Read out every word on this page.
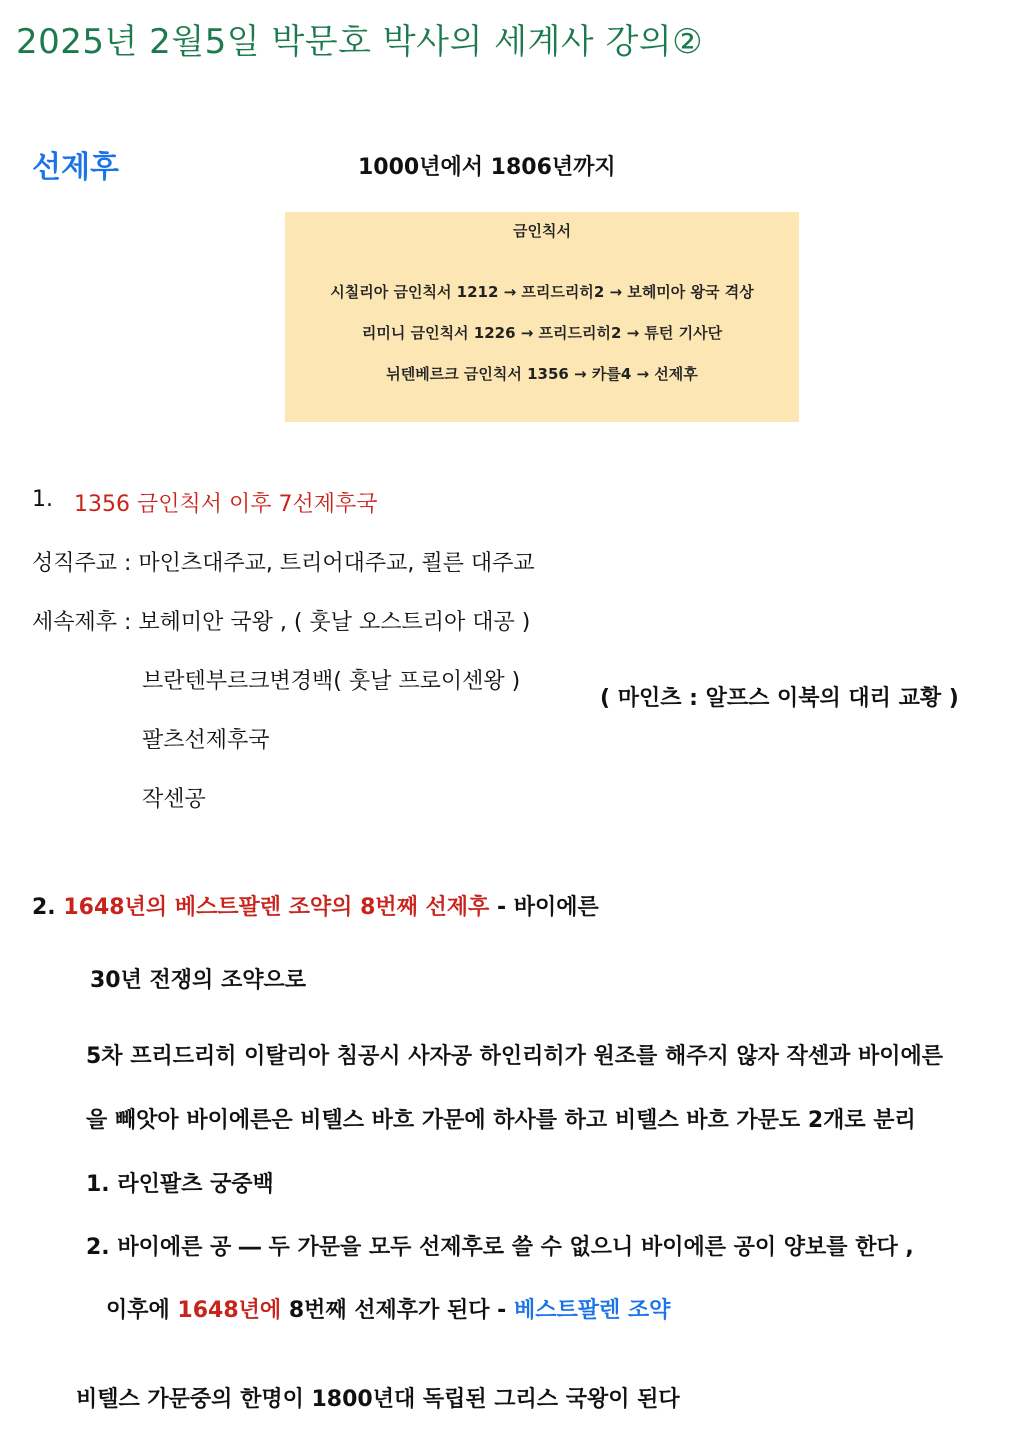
2025년 2월5일 박문호 박사의 세계사 강의②
선제후	1000년에서 1806년까지
금인칙서
시칠리아 금인칙서 1212 → 프리드리히2 → 보헤미아 왕국 격상
리미니 금인칙서 1226 → 프리드리히2 → 튜턴 기사단
뉘텐베르크 금인칙서 1356 → 카를4 → 선제후
1. 1356 금인칙서 이후 7선제후국
성직주교 : 마인츠대주교, 트리어대주교, 쾰른 대주교
세속제후 : 보헤미안 국왕 , ( 훗날 오스트리아 대공 )
브란텐부르크변경백( 훗날 프로이센왕 )
팔츠선제후국
작센공
( 마인츠 : 알프스 이북의 대리 교황 )
2. 1648년의 베스트팔렌 조약의 8번째 선제후 - 바이에른
30년 전쟁의 조약으로
5차 프리드리히 이탈리아 침공시 사자공 하인리히가 원조를 해주지 않자 작센과 바이에른
을 빼앗아 바이에른은 비텔스 바흐 가문에 하사를 하고 비텔스 바흐 가문도 2개로 분리
1. 라인팔츠 궁중백
2. 바이에른 공 ― 두 가문을 모두 선제후로 쓸 수 없으니 바이에른 공이 양보를 한다 ,
이후에 1648년에 8번째 선제후가 된다 - 베스트팔렌 조약
비텔스 가문중의 한명이 1800년대 독립된 그리스 국왕이 된다
